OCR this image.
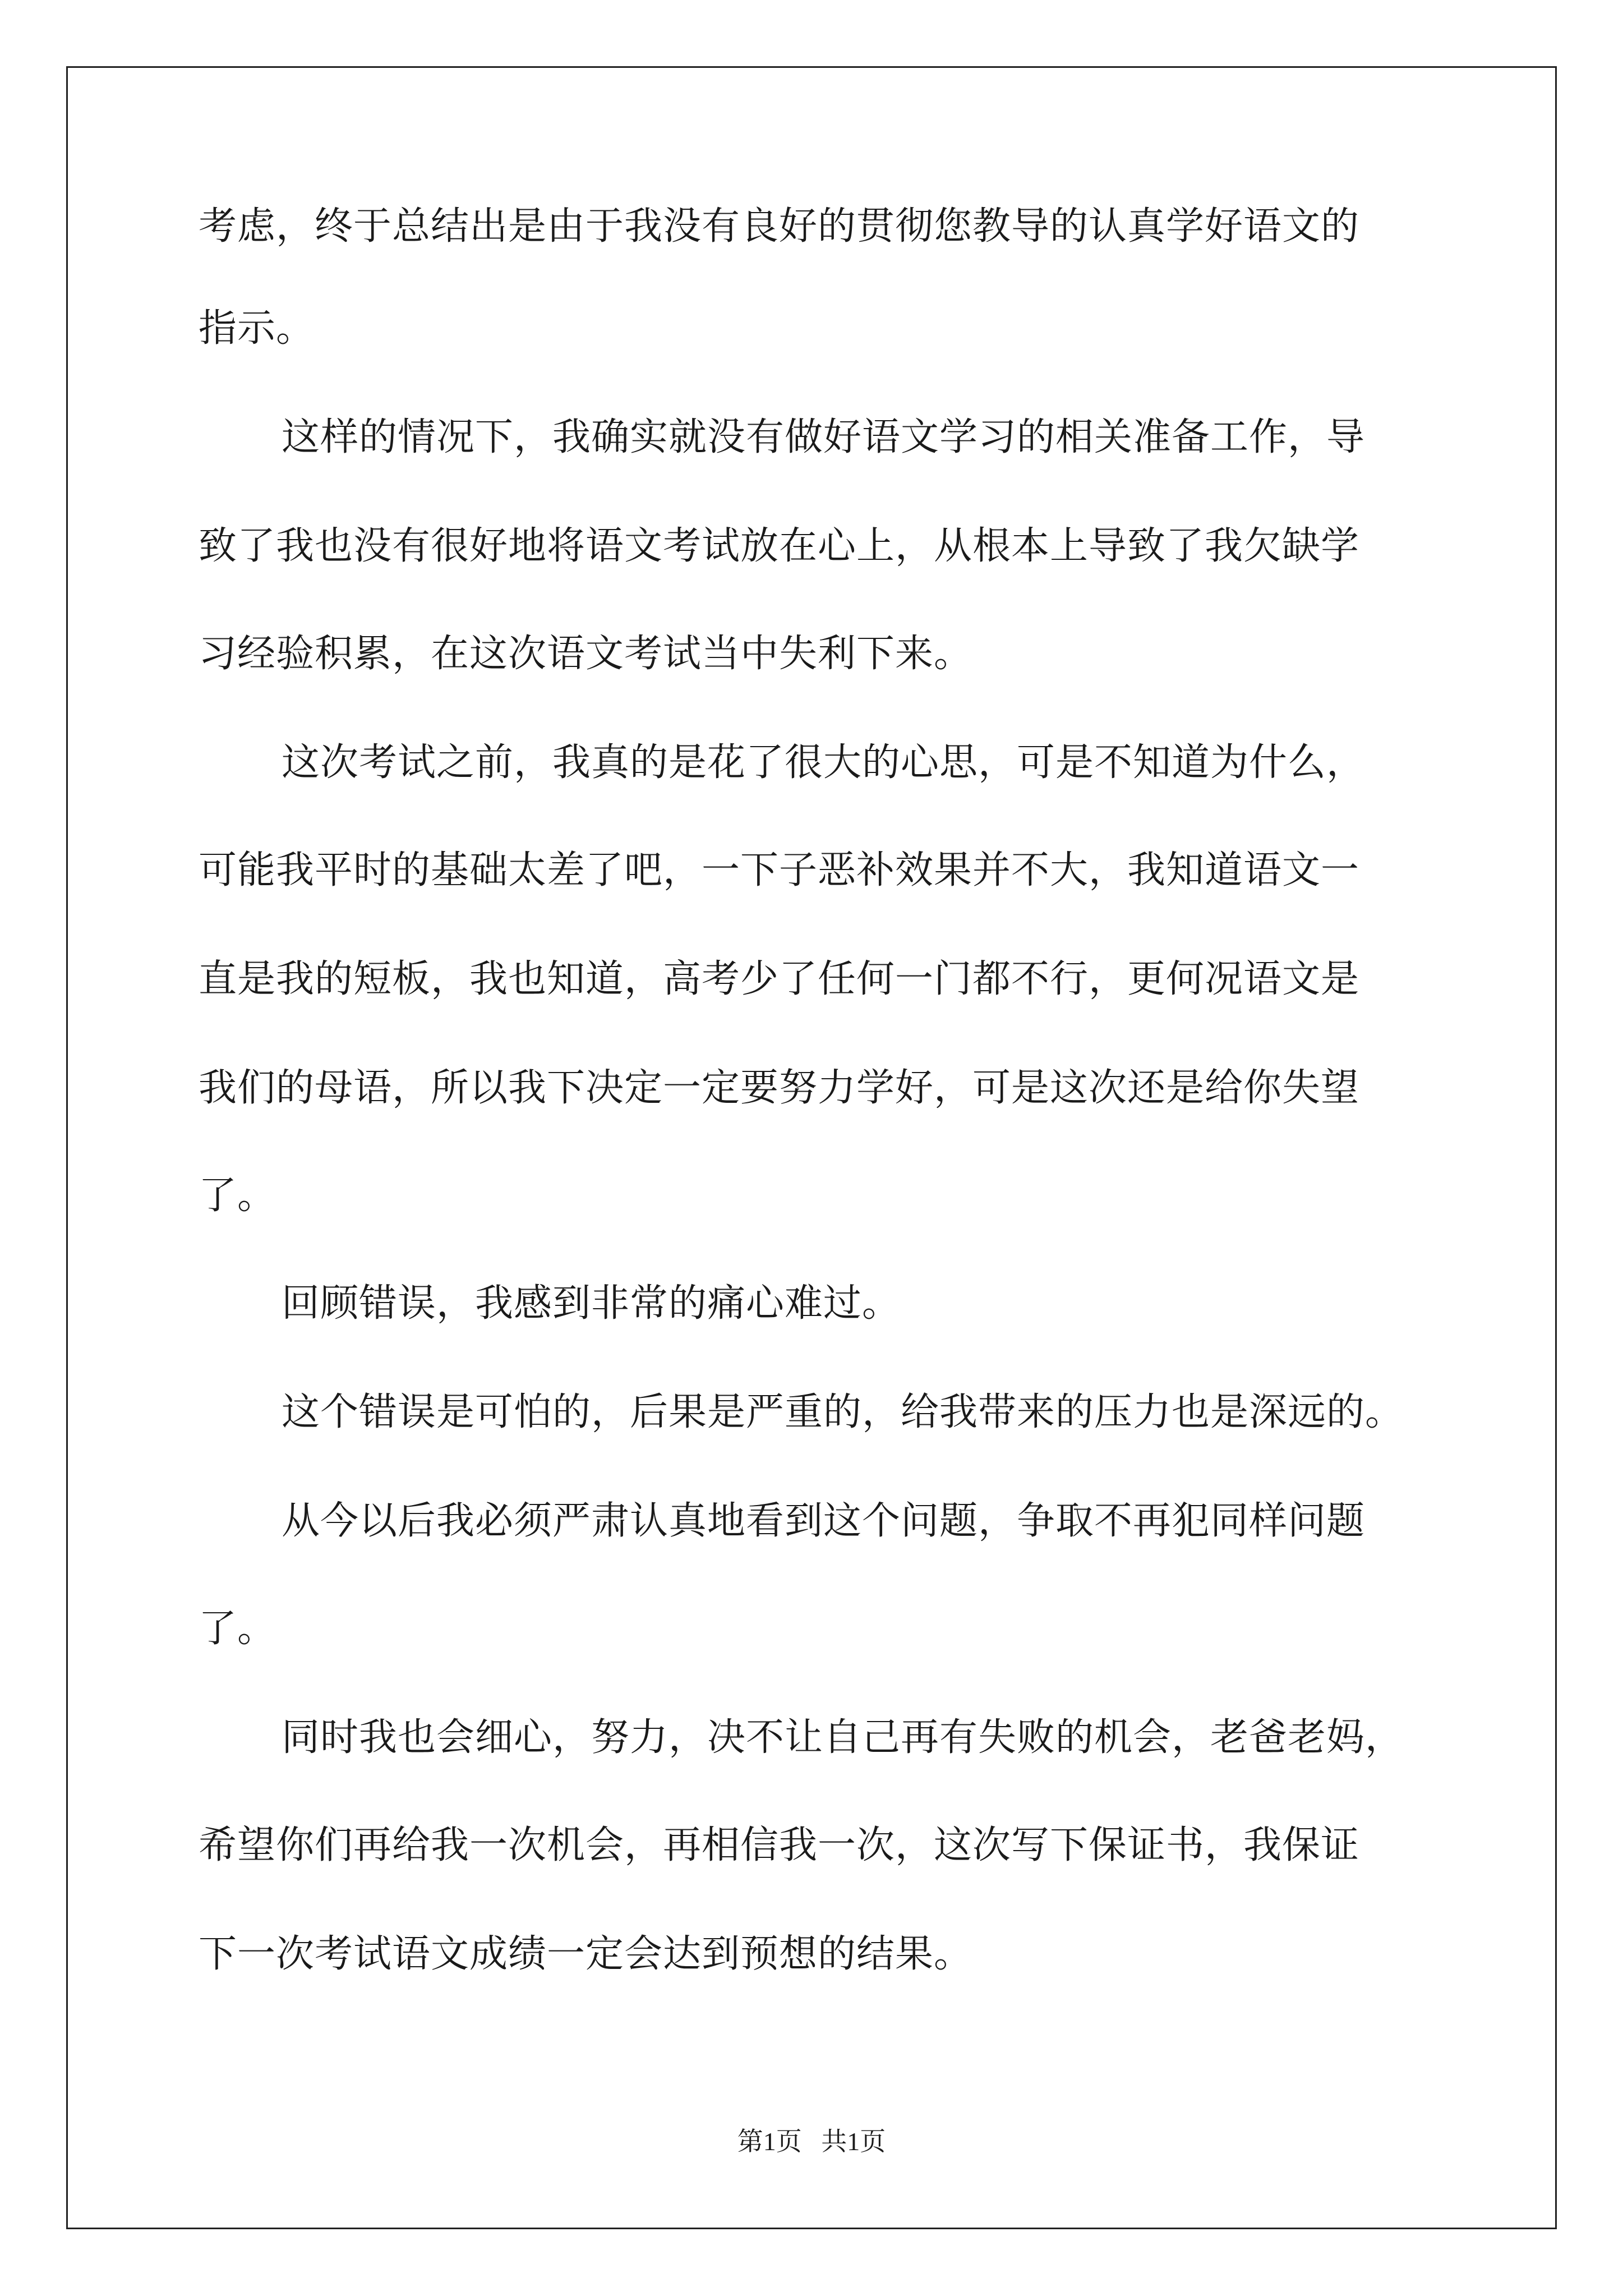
考虑，终于总结出是由于我没有良好的贯彻您教导的认真学好语文的
指示。
这样的情况下，我确实就没有做好语文学习的相关准备工作，导
致了我也没有很好地将语文考试放在心上，从根本上导致了我欠缺学
习经验积累，在这次语文考试当中失利下来。
这次考试之前，我真的是花了很大的心思，可是不知道为什么，
可能我平时的基础太差了吧，一下子恶补效果并不大，我知道语文一
直是我的短板，我也知道，高考少了任何一门都不行，更何况语文是
我们的母语，所以我下决定一定要努力学好，可是这次还是给你失望
了。
回顾错误，我感到非常的痛心难过。
这个错误是可怕的，后果是严重的，给我带来的压力也是深远的。
从今以后我必须严肃认真地看到这个问题，争取不再犯同样问题
了。
同时我也会细心，努力，决不让自己再有失败的机会，老爸老妈，
希望你们再给我一次机会，再相信我一次，这次写下保证书，我保证
下一次考试语文成绩一定会达到预想的结果。
第1页   共1页
